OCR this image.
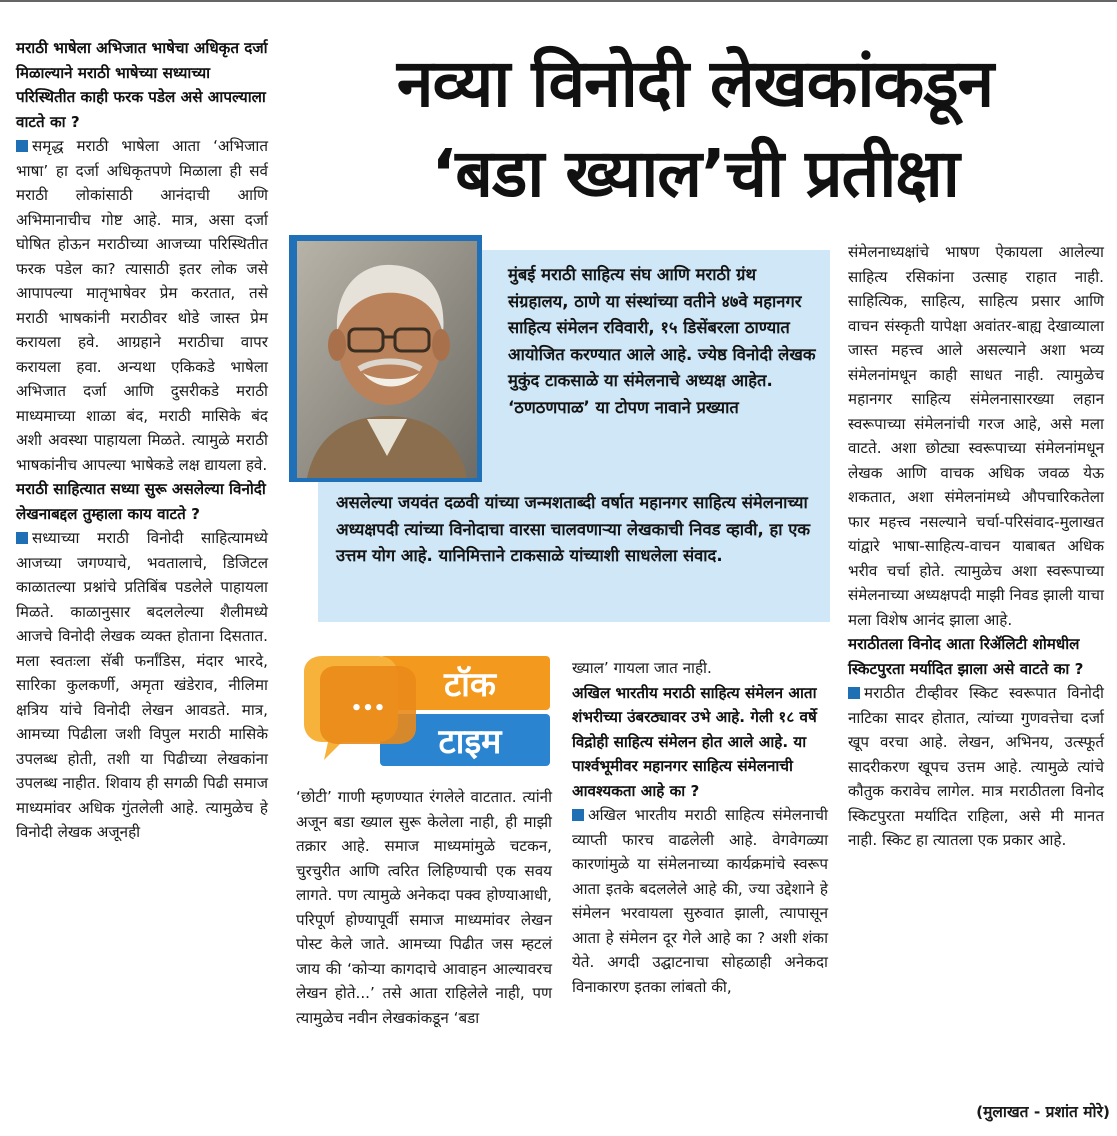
मराठी भाषेला अभिजात भाषेचा अधिकृत दर्जा मिळाल्याने मराठी भाषेच्या सध्याच्या परिस्थितीत काही फरक पडेल असे आपल्याला वाटते का ?

समृद्ध मराठी भाषेला आता ‘अभिजात भाषा’ हा दर्जा अधिकृतपणे मिळाला ही सर्व मराठी लोकांसाठी आनंदाची आणि अभिमानाचीच गोष्ट आहे. मात्र, असा दर्जा घोषित होऊन मराठीच्या आजच्या परिस्थितीत फरक पडेल का? त्यासाठी इतर लोक जसे आपापल्या मातृभाषेवर प्रेम करतात, तसे मराठी भाषकांनी मराठीवर थोडे जास्त प्रेम करायला हवे. आग्रहाने मराठीचा वापर करायला हवा. अन्यथा एकिकडे भाषेला अभिजात दर्जा आणि दुसरीकडे मराठी माध्यमाच्या शाळा बंद, मराठी मासिके बंद अशी अवस्था पाहायला मिळते. त्यामुळे मराठी भाषकांनीच आपल्या भाषेकडे लक्ष द्यायला हवे.

मराठी साहित्यात सध्या सुरू असलेल्या विनोदी लेखनाबद्दल तुम्हाला काय वाटते ?

सध्याच्या मराठी विनोदी साहित्यामध्ये आजच्या जगण्याचे, भवतालाचे, डिजिटल काळातल्या प्रश्नांचे प्रतिबिंब पडलेले पाहायला मिळते. काळानुसार बदललेल्या शैलीमध्ये आजचे विनोदी लेखक व्यक्त होताना दिसतात. मला स्वतःला सॅबी फर्नांडिस, मंदार भारदे, सारिका कुलकर्णी, अमृता खंडेराव, नीलिमा क्षत्रिय यांचे विनोदी लेखन आवडते. मात्र, आमच्या पिढीला जशी विपुल मराठी मासिके उपलब्ध होती, तशी या पिढीच्या लेखकांना उपलब्ध नाहीत. शिवाय ही सगळी पिढी समाज माध्यमांवर अधिक गुंतलेली आहे. त्यामुळेच हे विनोदी लेखक अजूनही

नव्या विनोदी लेखकांकडून
‘बडा ख्याल’ची प्रतीक्षा
मुंबई मराठी साहित्य संघ आणि मराठी ग्रंथ संग्रहालय, ठाणे या संस्थांच्या वतीने ४७वे महानगर साहित्य संमेलन रविवारी, १५ डिसेंबरला ठाण्यात आयोजित करण्यात आले आहे. ज्येष्ठ विनोदी लेखक मुकुंद टाकसाळे या संमेलनाचे अध्यक्ष आहेत. ‘ठणठणपाळ’ या टोपण नावाने प्रख्यात
असलेल्या जयवंत दळवी यांच्या जन्मशताब्दी वर्षात महानगर साहित्य संमेलनाच्या अध्यक्षपदी त्यांच्या विनोदाचा वारसा चालवणाऱ्या लेखकाची निवड व्हावी, हा एक उत्तम योग आहे. यानिमित्ताने टाकसाळे यांच्याशी साधलेला संवाद.
•••
टॉक
टाइम

‘छोटी’ गाणी म्हणण्यात रंगलेले वाटतात. त्यांनी अजून बडा ख्याल सुरू केलेला नाही, ही माझी तक्रार आहे. समाज माध्यमांमुळे चटकन, चुरचुरीत आणि त्वरित लिहिण्याची एक सवय लागते. पण त्यामुळे अनेकदा पक्व होण्याआधी, परिपूर्ण होण्यापूर्वी समाज माध्यमांवर लेखन पोस्ट केले जाते. आमच्या पिढीत जस म्हटलं जाय की ‘कोऱ्या कागदाचे आवाहन आल्यावरच लेखन होते...’ तसे आता राहिलेले नाही, पण त्यामुळेच नवीन लेखकांकडून ‘बडा

ख्याल’ गायला जात नाही.

अखिल भारतीय मराठी साहित्य संमेलन आता शंभरीच्या उंबरठ्यावर उभे आहे. गेली १८ वर्षे विद्रोही साहित्य संमेलन होत आले आहे. या पार्श्वभूमीवर महानगर साहित्य संमेलनाची आवश्यकता आहे का ?

अखिल भारतीय मराठी साहित्य संमेलनाची व्याप्ती फारच वाढलेली आहे. वेगवेगळ्या कारणांमुळे या संमेलनाच्या कार्यक्रमांचे स्वरूप आता इतके बदललेले आहे की, ज्या उद्देशाने हे संमेलन भरवायला सुरुवात झाली, त्यापासून आता हे संमेलन दूर गेले आहे का ? अशी शंका येते. अगदी उद्घाटनाचा सोहळाही अनेकदा विनाकारण इतका लांबतो की,

संमेलनाध्यक्षांचे भाषण ऐकायला आलेल्या साहित्य रसिकांना उत्साह राहात नाही. साहित्यिक, साहित्य, साहित्य प्रसार आणि वाचन संस्कृती यापेक्षा अवांतर-बाह्य देखाव्याला जास्त महत्त्व आले असल्याने अशा भव्य संमेलनांमधून काही साधत नाही. त्यामुळेच महानगर साहित्य संमेलनासारख्या लहान स्वरूपाच्या संमेलनांची गरज आहे, असे मला वाटते. अशा छोट्या स्वरूपाच्या संमेलनांमधून लेखक आणि वाचक अधिक जवळ येऊ शकतात, अशा संमेलनांमध्ये औपचारिकतेला फार महत्त्व नसल्याने चर्चा-परिसंवाद-मुलाखत यांद्वारे भाषा-साहित्य-वाचन याबाबत अधिक भरीव चर्चा होते. त्यामुळेच अशा स्वरूपाच्या संमेलनाच्या अध्यक्षपदी माझी निवड झाली याचा मला विशेष आनंद झाला आहे.

मराठीतला विनोद आता रिॲलिटी शोमधील स्किटपुरता मर्यादित झाला असे वाटते का ?

मराठीत टीव्हीवर स्किट स्वरूपात विनोदी नाटिका सादर होतात, त्यांच्या गुणवत्तेचा दर्जा खूप वरचा आहे. लेखन, अभिनय, उत्स्फूर्त सादरीकरण खूपच उत्तम आहे. त्यामुळे त्यांचे कौतुक करावेच लागेल. मात्र मराठीतला विनोद स्किटपुरता मर्यादित राहिला, असे मी मानत नाही. स्किट हा त्यातला एक प्रकार आहे.

(मुलाखत - प्रशांत मोरे)
